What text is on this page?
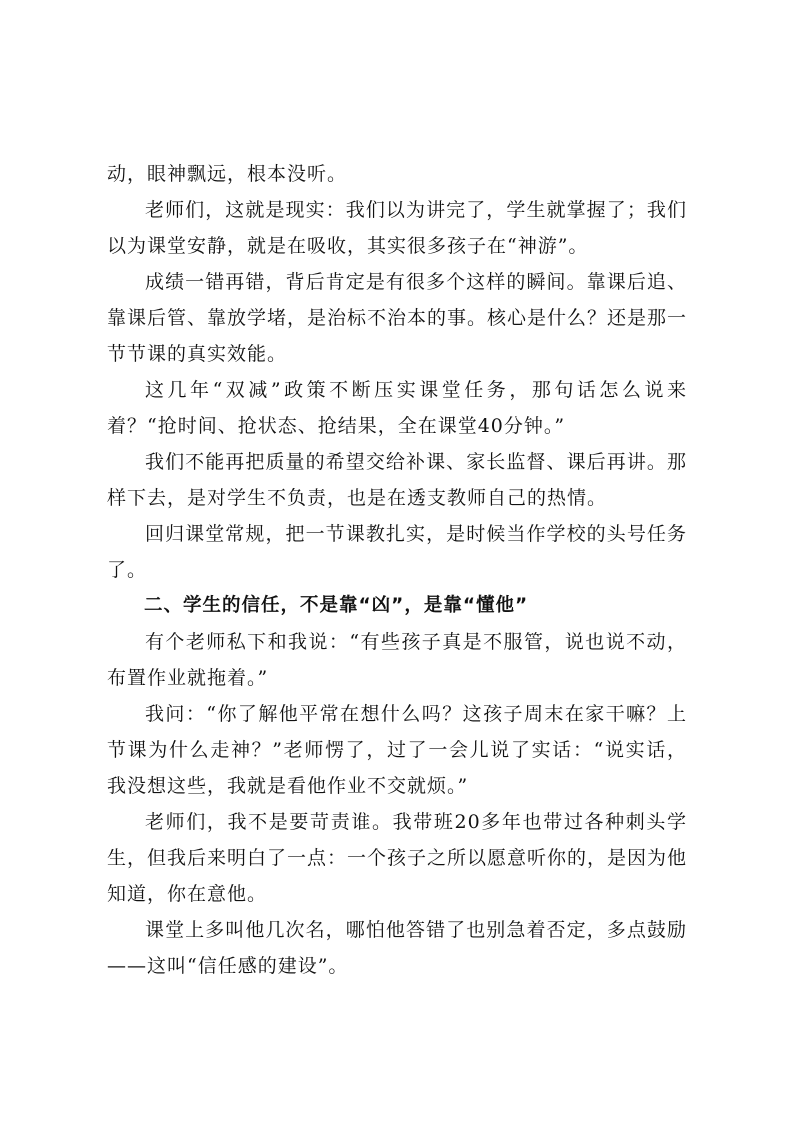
动，眼神飘远，根本没听。

老师们，这就是现实：我们以为讲完了，学生就掌握了；我们以为课堂安静，就是在吸收，其实很多孩子在“神游”。

成绩一错再错，背后肯定是有很多个这样的瞬间。靠课后追、靠课后管、靠放学堵，是治标不治本的事。核心是什么？还是那一节节课的真实效能。

这几年“双减”政策不断压实课堂任务，那句话怎么说来着？“抢时间、抢状态、抢结果，全在课堂40分钟。”

我们不能再把质量的希望交给补课、家长监督、课后再讲。那样下去，是对学生不负责，也是在透支教师自己的热情。

回归课堂常规，把一节课教扎实，是时候当作学校的头号任务了。

二、学生的信任，不是靠“凶”，是靠“懂他”

有个老师私下和我说：“有些孩子真是不服管，说也说不动，布置作业就拖着。”

我问：“你了解他平常在想什么吗？这孩子周末在家干嘛？上节课为什么走神？”老师愣了，过了一会儿说了实话：“说实话，我没想这些，我就是看他作业不交就烦。”

老师们，我不是要苛责谁。我带班20多年也带过各种刺头学生，但我后来明白了一点：一个孩子之所以愿意听你的，是因为他知道，你在意他。

课堂上多叫他几次名，哪怕他答错了也别急着否定，多点鼓励——这叫“信任感的建设”。
